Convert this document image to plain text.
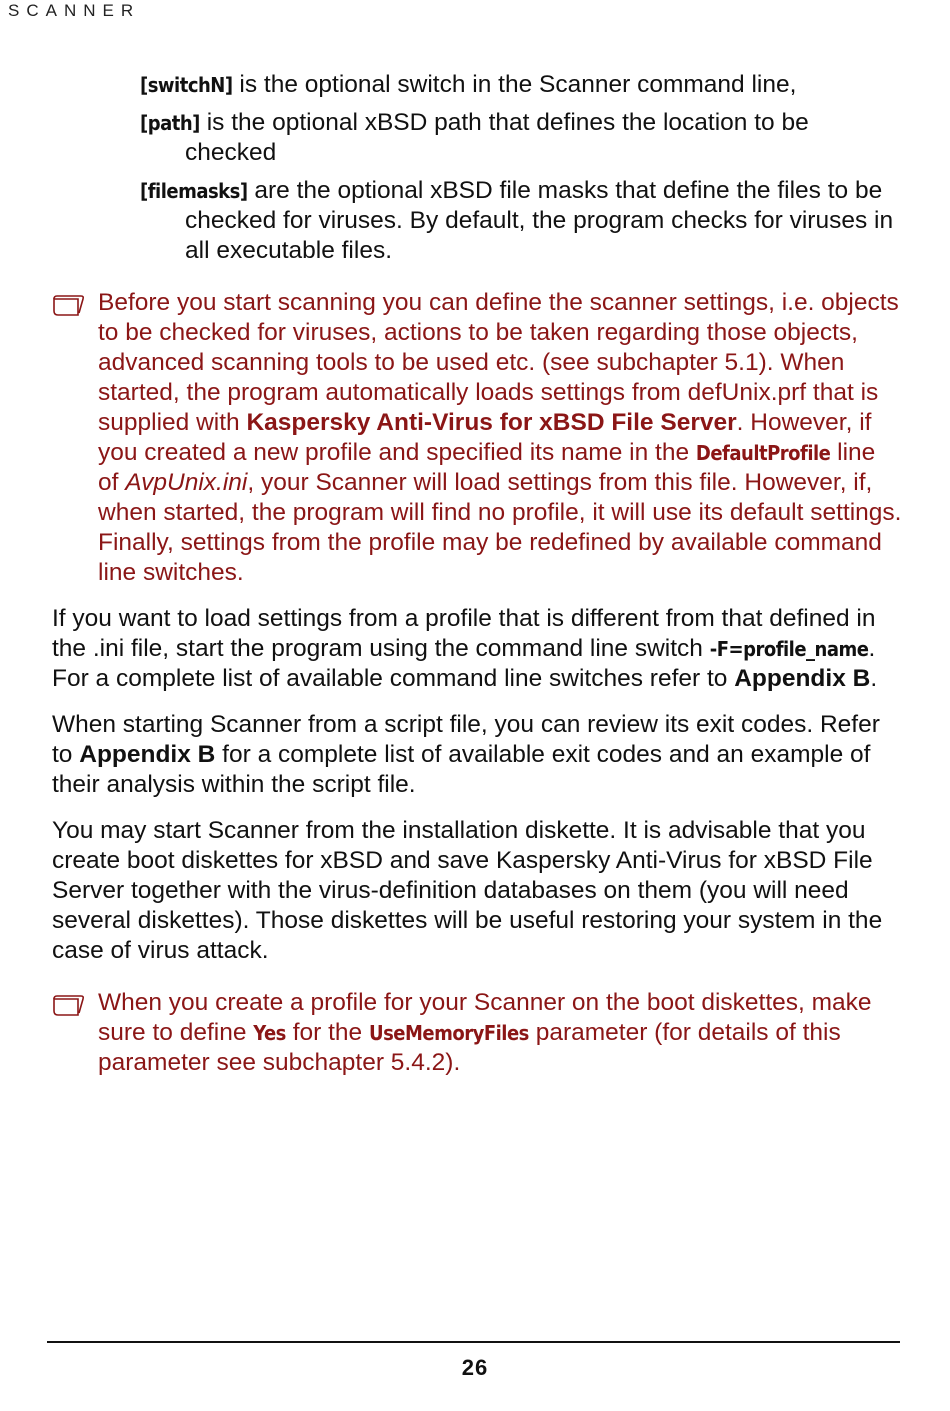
SCANNER
[switchN] is the optional switch in the Scanner command line,
[path] is the optional xBSD path that defines the location to be checked
[filemasks] are the optional xBSD file masks that define the files to be checked for viruses. By default, the program checks for viruses in all executable files.
Before you start scanning you can define the scanner settings, i.e. objects to be checked for viruses, actions to be taken regarding those objects, advanced scanning tools to be used etc. (see subchapter 5.1). When started, the program automatically loads settings from defUnix.prf that is supplied with Kaspersky Anti-Virus for xBSD File Server. However, if you created a new profile and specified its name in the DefaultProfile line of AvpUnix.ini, your Scanner will load settings from this file. However, if, when started, the program will find no profile, it will use its default settings. Finally, settings from the profile may be redefined by available command line switches.
If you want to load settings from a profile that is different from that defined in the .ini file, start the program using the command line switch -F=profile_name. For a complete list of available command line switches refer to Appendix B.
When starting Scanner from a script file, you can review its exit codes. Refer to Appendix B for a complete list of available exit codes and an example of their analysis within the script file.
You may start Scanner from the installation diskette. It is advisable that you create boot diskettes for xBSD and save Kaspersky Anti-Virus for xBSD File Server together with the virus-definition databases on them (you will need several diskettes). Those diskettes will be useful restoring your system in the case of virus attack.
When you create a profile for your Scanner on the boot diskettes, make sure to define Yes for the UseMemoryFiles parameter (for details of this parameter see subchapter 5.4.2).
26
